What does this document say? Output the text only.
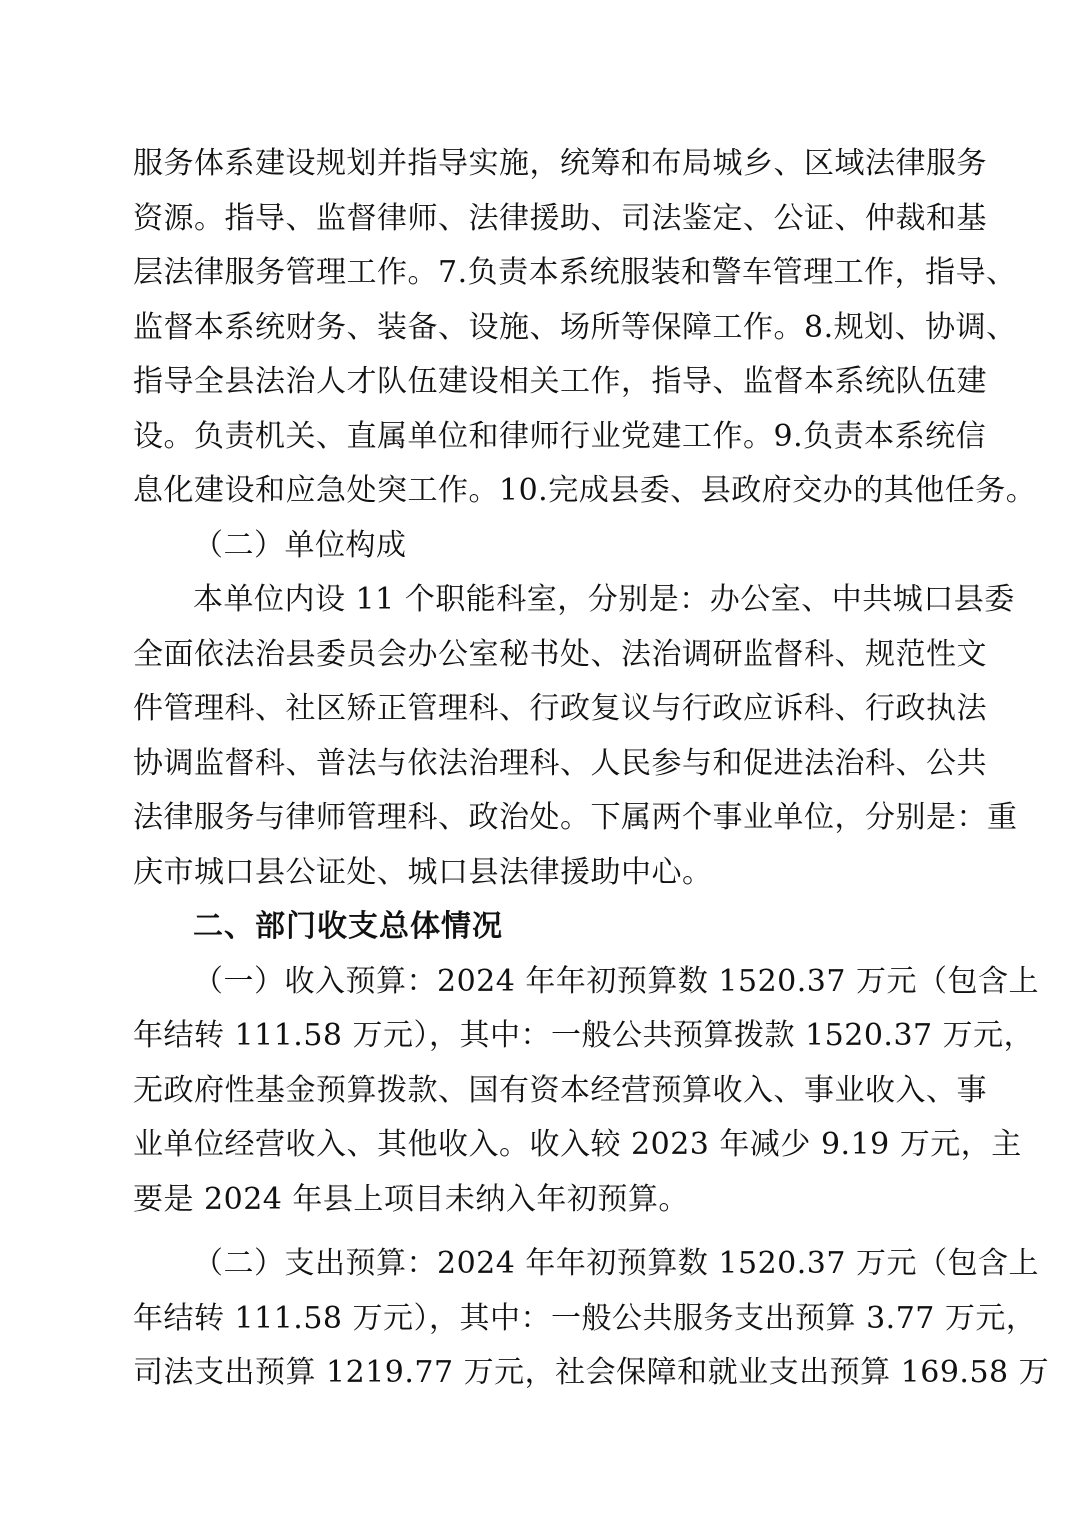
服务体系建设规划并指导实施，统筹和布局城乡、区域法律服务
资源。指导、监督律师、法律援助、司法鉴定、公证、仲裁和基
层法律服务管理工作。7.负责本系统服装和警车管理工作，指导、
监督本系统财务、装备、设施、场所等保障工作。8.规划、协调、
指导全县法治人才队伍建设相关工作，指导、监督本系统队伍建
设。负责机关、直属单位和律师行业党建工作。9.负责本系统信
息化建设和应急处突工作。10.完成县委、县政府交办的其他任务。
（二）单位构成
本单位内设 11 个职能科室，分别是：办公室、中共城口县委
全面依法治县委员会办公室秘书处、法治调研监督科、规范性文
件管理科、社区矫正管理科、行政复议与行政应诉科、行政执法
协调监督科、普法与依法治理科、人民参与和促进法治科、公共
法律服务与律师管理科、政治处。下属两个事业单位，分别是：重
庆市城口县公证处、城口县法律援助中心。
二、部门收支总体情况
（一）收入预算：2024 年年初预算数 1520.37 万元（包含上
年结转 111.58 万元），其中：一般公共预算拨款 1520.37 万元，
无政府性基金预算拨款、国有资本经营预算收入、事业收入、事
业单位经营收入、其他收入。收入较 2023 年减少 9.19 万元，主
要是 2024 年县上项目未纳入年初预算。
（二）支出预算：2024 年年初预算数 1520.37 万元（包含上
年结转 111.58 万元），其中：一般公共服务支出预算 3.77 万元，
司法支出预算 1219.77 万元，社会保障和就业支出预算 169.58 万
